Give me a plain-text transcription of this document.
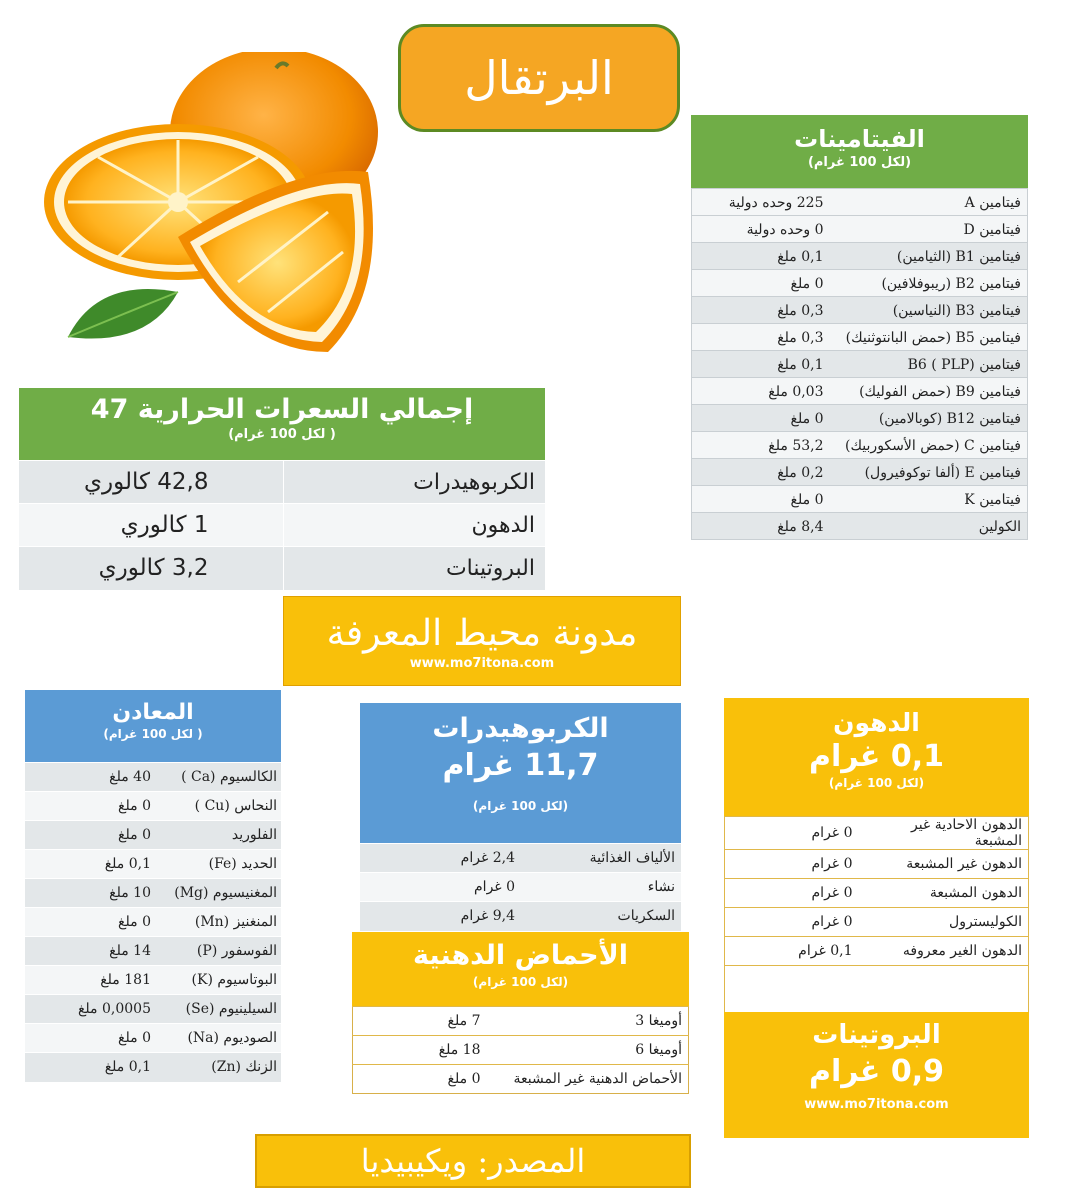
البرتقال
الفيتامينات
(لكل 100 غرام)
فيتامين A	225 وحده دولية
فيتامين D	0 وحده دولية
فيتامين B1 (الثيامين)	0,1 ملغ
فيتامين B2 (ريبوفلافين)	0 ملغ
فيتامين B3 (النياسين)	0,3 ملغ
فيتامين B5 (حمض البانتوثنيك)	0,3 ملغ
فيتامين B6 ( PLP)	0,1 ملغ
فيتامين B9 (حمض الفوليك)	0,03 ملغ
فيتامين B12 (كوبالامين)	0 ملغ
فيتامين C (حمض الأسكوربيك)	53,2 ملغ
فيتامين E (ألفا توكوفيرول)	0,2 ملغ
فيتامين K	0 ملغ
الكولين	8,4 ملغ
إجمالي السعرات الحرارية 47
( لكل 100 غرام)
الكربوهيدرات	42,8 كالوري
الدهون	1 كالوري
البروتينات	3,2 كالوري
مدونة محيط المعرفة
www.mo7itona.com
المعادن
( لكل 100 غرام)
الكالسيوم (Ca )	40 ملغ
النحاس (Cu )	0 ملغ
الفلوريد	0 ملغ
الحديد (Fe)	0,1 ملغ
المغنيسيوم (Mg)	10 ملغ
المنغنيز (Mn)	0 ملغ
الفوسفور (P)	14 ملغ
البوتاسيوم (K)	181 ملغ
السيلينيوم (Se)	0,0005 ملغ
الصوديوم (Na)	0 ملغ
الزنك (Zn)	0,1 ملغ
الكربوهيدرات
11,7 غرام
(لكل 100 غرام)
الألياف الغذائية	2,4 غرام
نشاء	0 غرام
السكريات	9,4 غرام
الأحماض الدهنية
(لكل 100 غرام)
أوميغا 3	7 ملغ
أوميغا 6	18 ملغ
الأحماض الدهنية غير المشبعة	0 ملغ
الدهون
0,1 غرام
(لكل 100 غرام)
الدهون الاحادية غير المشبعة	0 غرام
الدهون غير المشبعة	0 غرام
الدهون المشبعة	0 غرام
الكوليسترول	0 غرام
الدهون الغير معروفه	0,1 غرام
البروتينات
0,9 غرام
www.mo7itona.com
المصدر: ويكيبيديا
